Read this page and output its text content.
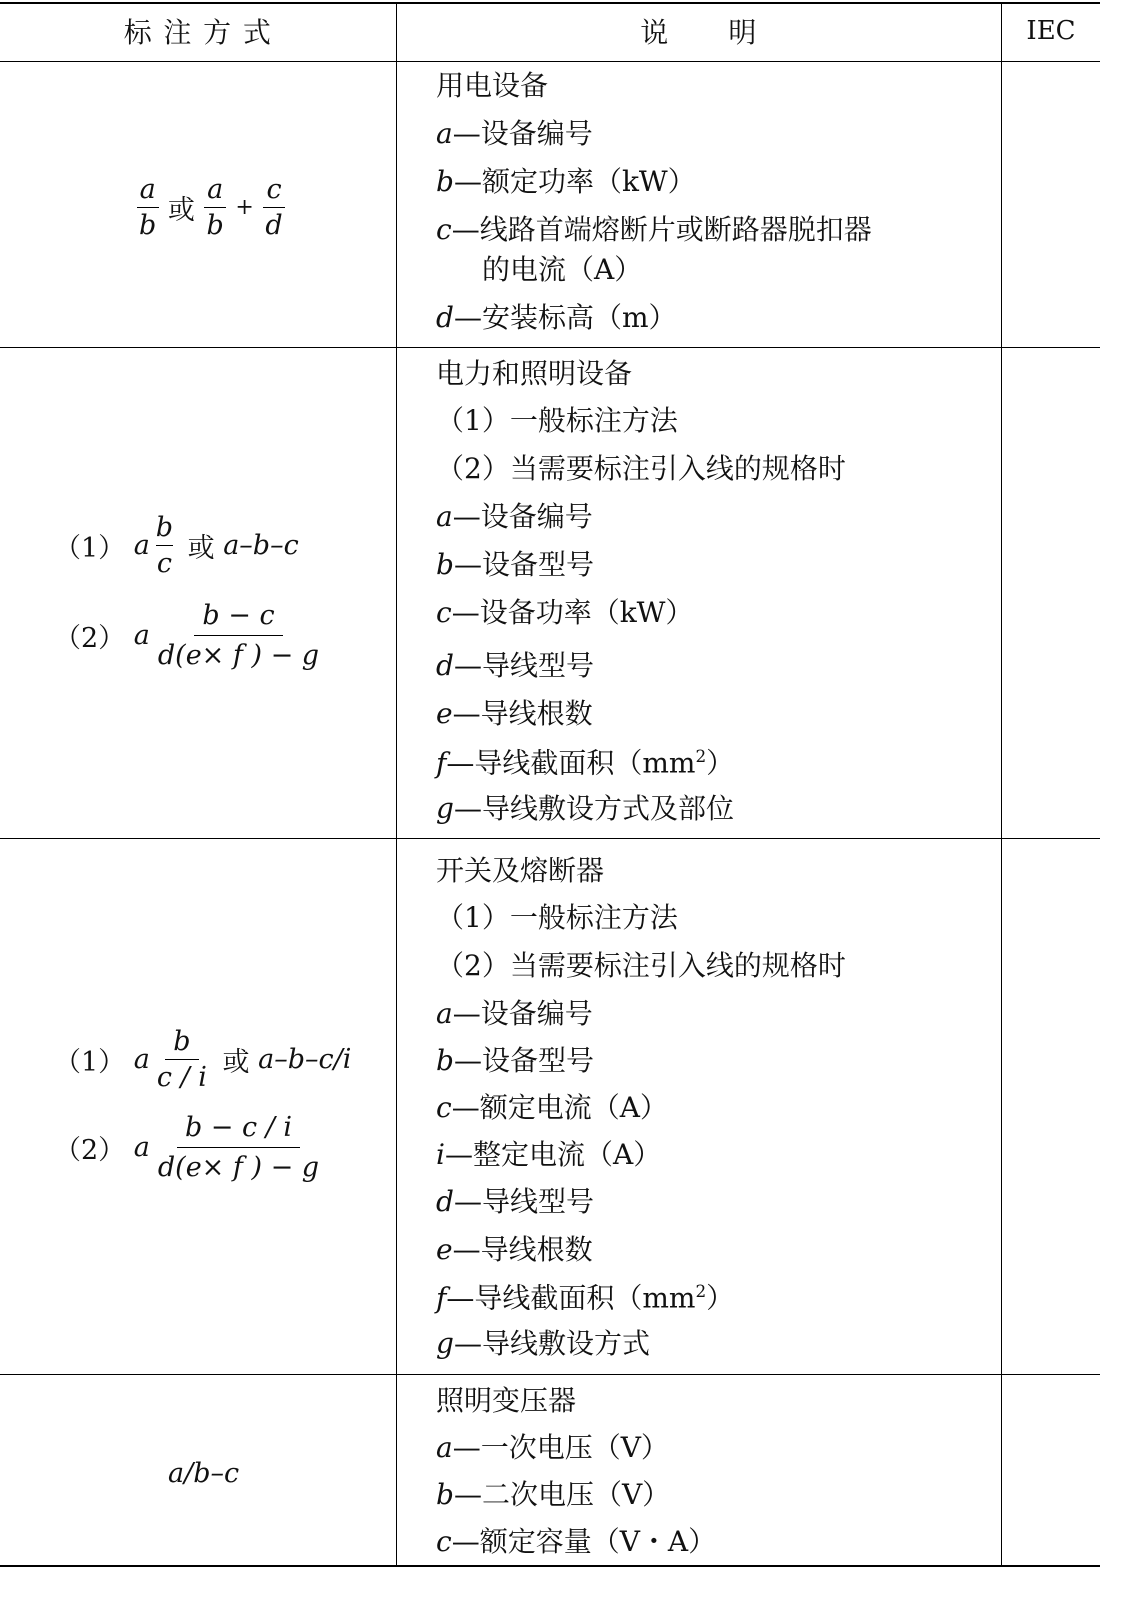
标 注 方 式	说　　明	IEC
$\frac{a}{b}$ 或 $\frac{a}{b} + \frac{c}{d}$
用电设备
a—设备编号
b—额定功率（kW）
c—线路首端熔断片或断路器脱扣器
的电流（A）
d—安装标高（m）
（1） a $\frac{b}{c}$ 或 a–b–c
（2） a $\frac{b - c}{d(e\times f ) - g}$
电力和照明设备
（1）一般标注方法
（2）当需要标注引入线的规格时
a—设备编号
b—设备型号
c—设备功率（kW）
d—导线型号
e—导线根数
f—导线截面积$(mm^2)$
g—导线敷设方式及部位
（1） a $\frac{b}{c / i}$ 或 a–b–c/i
（2） a $\frac{b - c / i}{d(e\times f ) - g}$
开关及熔断器
（1）一般标注方法
（2）当需要标注引入线的规格时
a—设备编号
b—设备型号
c—额定电流（A）
i—整定电流（A）
d—导线型号
e—导线根数
f—导线截面积$(mm^2)$
g—导线敷设方式
a/b–c
照明变压器
a—一次电压（V）
b—二次电压（V）
c—额定容量（V・A）
